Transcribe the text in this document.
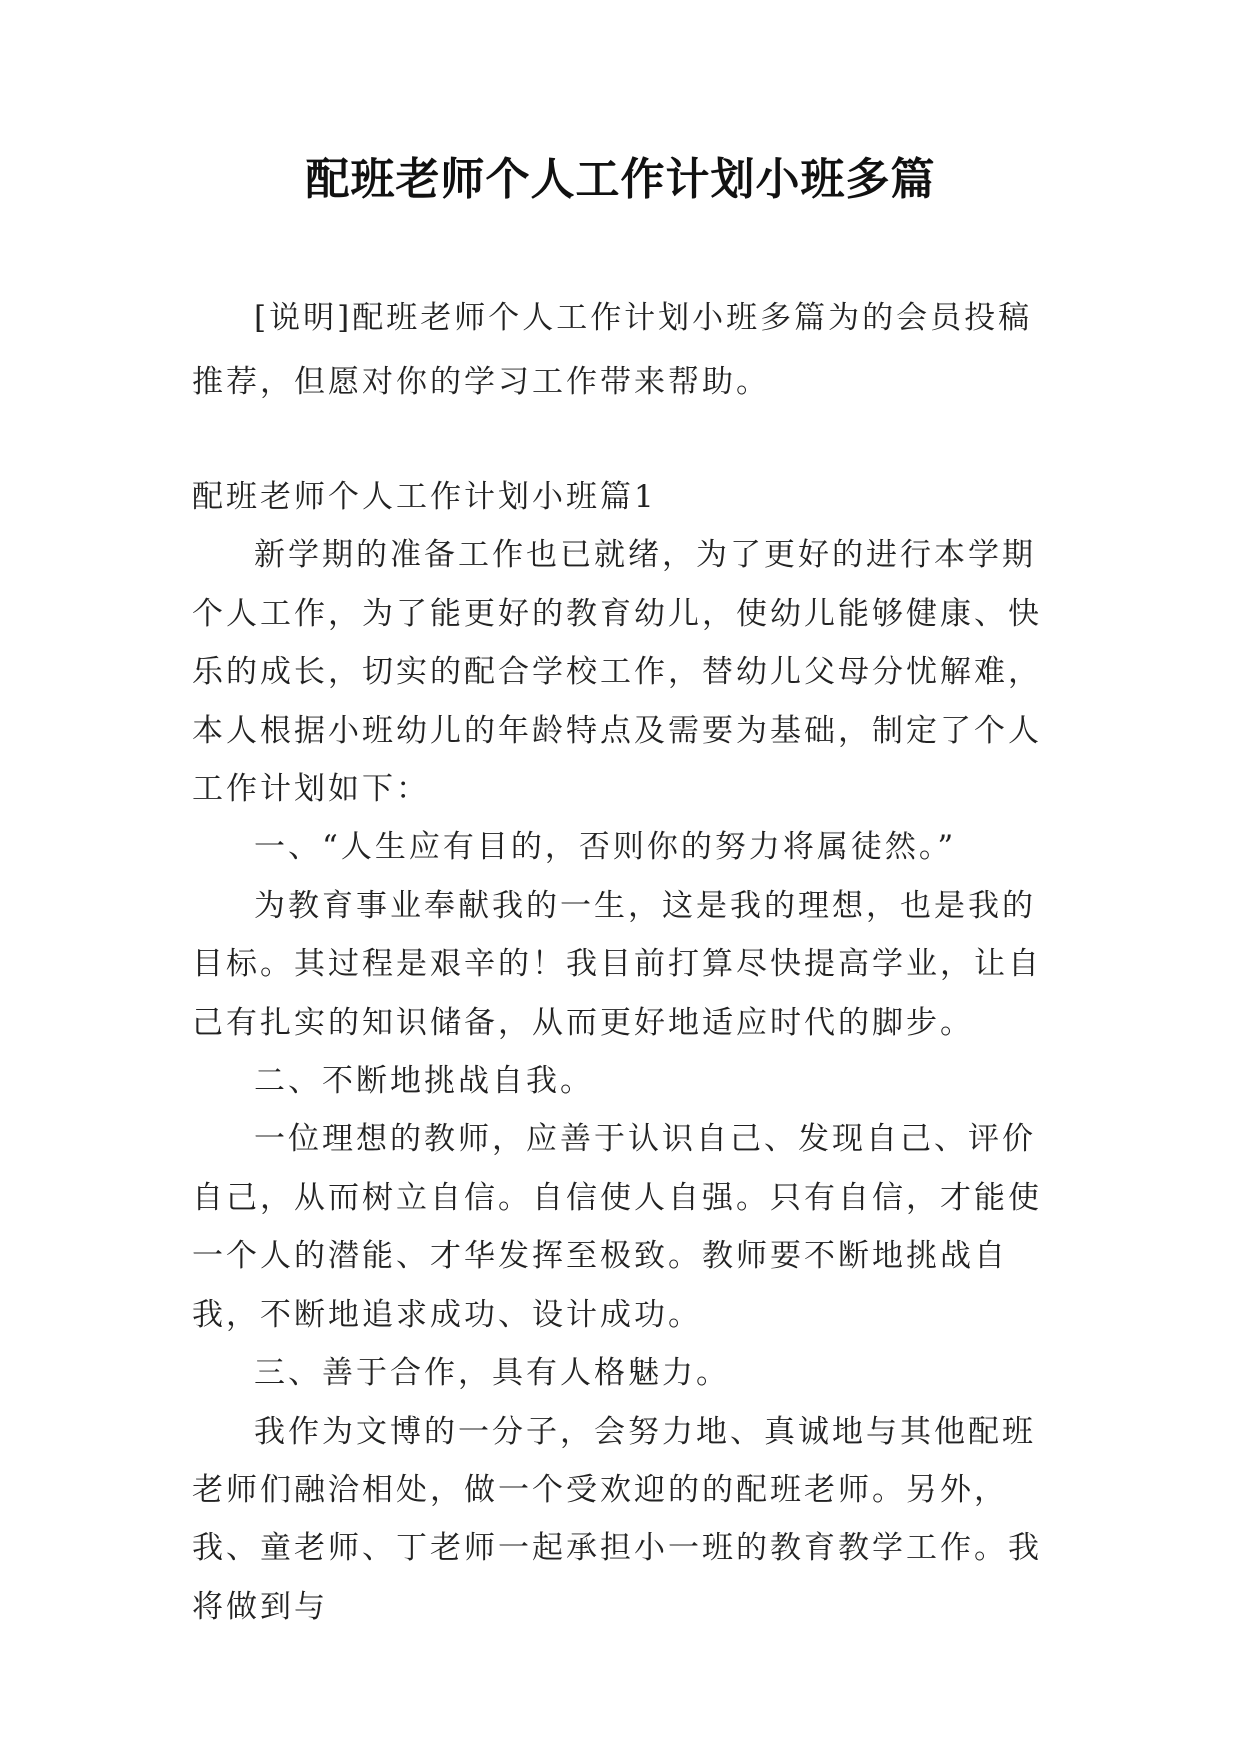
配班老师个人工作计划小班多篇

[说明]配班老师个人工作计划小班多篇为的会员投稿推荐，但愿对你的学习工作带来帮助。

配班老师个人工作计划小班篇1

新学期的准备工作也已就绪，为了更好的进行本学期个人工作，为了能更好的教育幼儿，使幼儿能够健康、快乐的成长，切实的配合学校工作，替幼儿父母分忧解难，本人根据小班幼儿的年龄特点及需要为基础，制定了个人工作计划如下：

一、“人生应有目的，否则你的努力将属徒然。”

为教育事业奉献我的一生，这是我的理想，也是我的目标。其过程是艰辛的！我目前打算尽快提高学业，让自己有扎实的知识储备，从而更好地适应时代的脚步。

二、不断地挑战自我。

一位理想的教师，应善于认识自己、发现自己、评价自己，从而树立自信。自信使人自强。只有自信，才能使一个人的潜能、才华发挥至极致。教师要不断地挑战自我，不断地追求成功、设计成功。

三、善于合作，具有人格魅力。

我作为文博的一分子，会努力地、真诚地与其他配班老师们融洽相处，做一个受欢迎的的配班老师。另外，我、童老师、丁老师一起承担小一班的教育教学工作。我将做到与
